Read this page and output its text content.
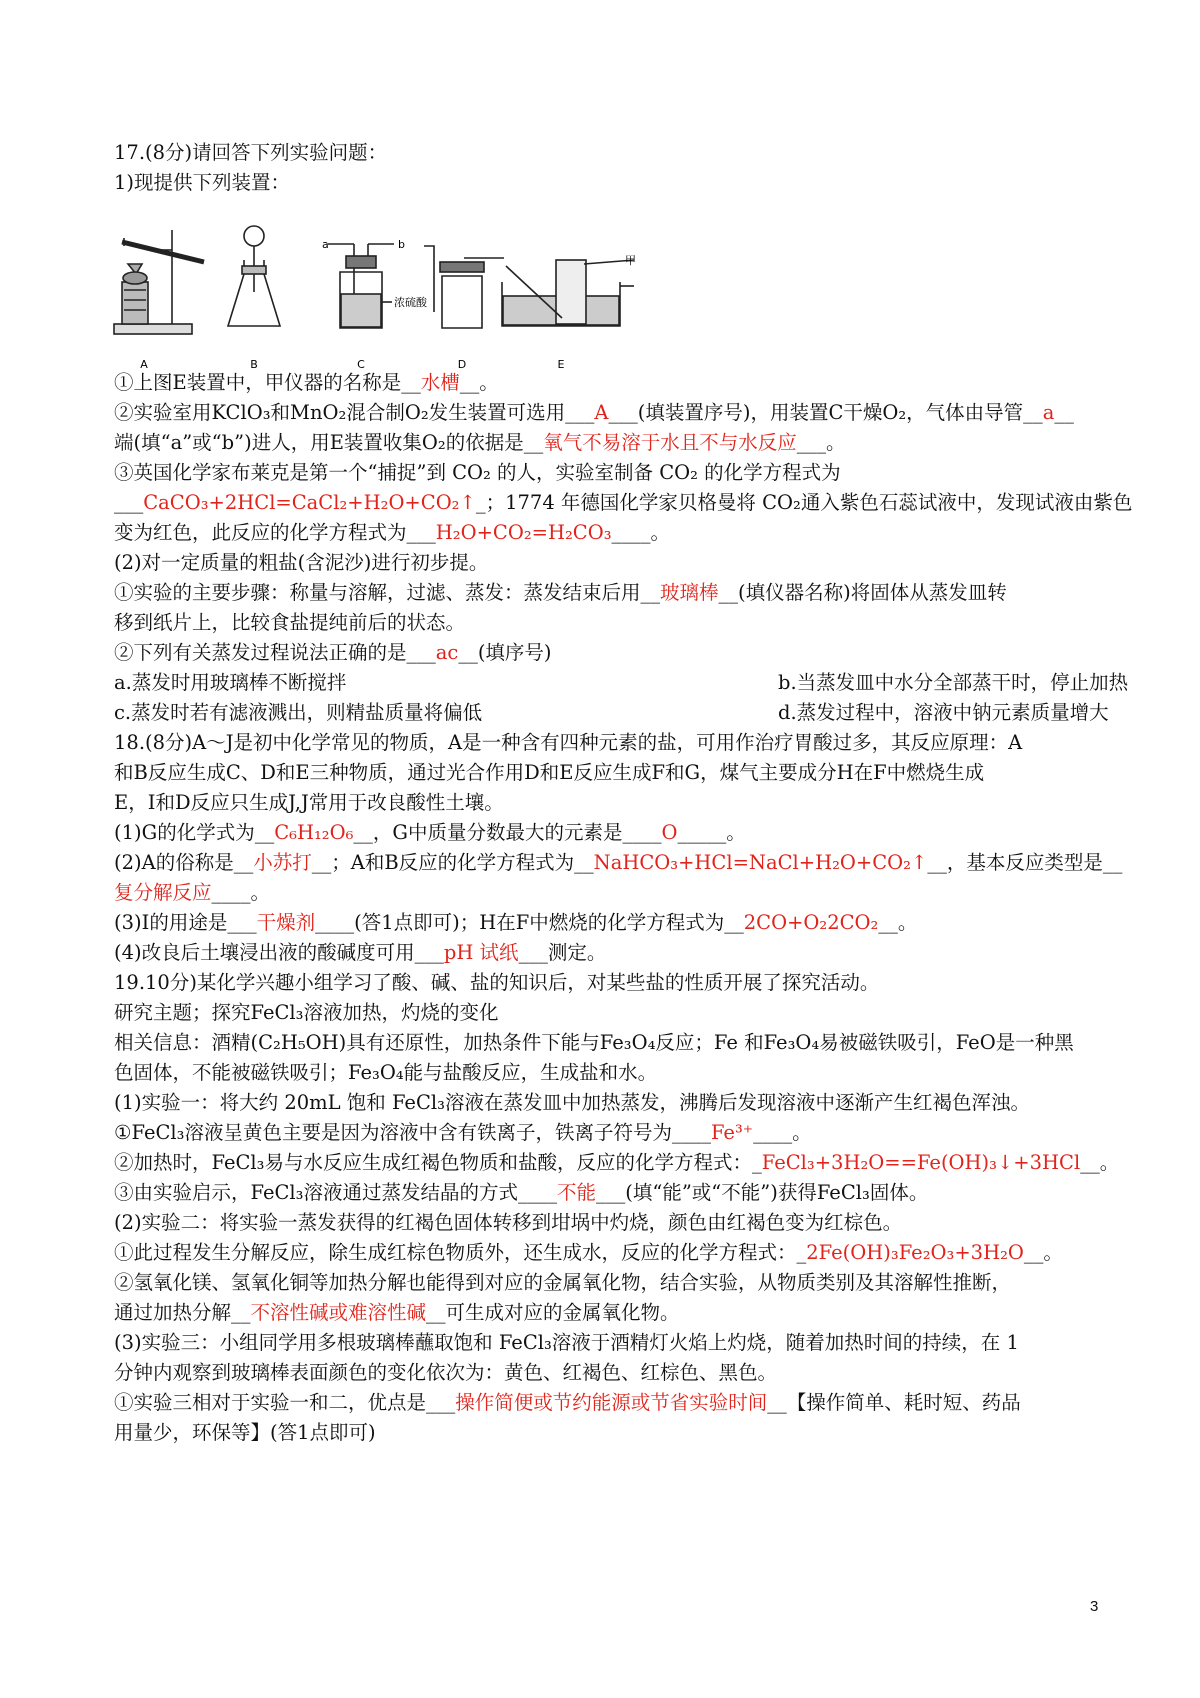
17.(8分)请回答下列实验问题：
1)现提供下列装置：
A	B	C	D	E
a	b
浓硫酸
甲
①上图E装置中，甲仪器的名称是__水槽__。
②实验室用KClO₃和MnO₂混合制O₂发生装置可选用___A___(填装置序号)，用装置C干燥O₂，气体由导管__a__
端(填“a”或“b”)进人，用E装置收集O₂的依据是__氧气不易溶于水且不与水反应___。
③英国化学家布莱克是第一个“捕捉”到 CO₂ 的人，实验室制备 CO₂ 的化学方程式为
___CaCO₃+2HCl=CaCl₂+H₂O+CO₂↑_；1774 年德国化学家贝格曼将 CO₂通入紫色石蕊试液中，发现试液由紫色
变为红色，此反应的化学方程式为___H₂O+CO₂=H₂CO₃____。
(2)对一定质量的粗盐(含泥沙)进行初步提。
①实验的主要步骤：称量与溶解，过滤、蒸发：蒸发结束后用__玻璃棒__(填仪器名称)将固体从蒸发皿转
移到纸片上，比较食盐提纯前后的状态。
②下列有关蒸发过程说法正确的是___ac__(填序号)
a.蒸发时用玻璃棒不断搅拌	b.当蒸发皿中水分全部蒸干时，停止加热
c.蒸发时若有滤液溅出，则精盐质量将偏低	d.蒸发过程中，溶液中钠元素质量增大
18.(8分)A～J是初中化学常见的物质，A是一种含有四种元素的盐，可用作治疗胃酸过多，其反应原理：A
和B反应生成C、D和E三种物质，通过光合作用D和E反应生成F和G，煤气主要成分H在F中燃烧生成
E，I和D反应只生成J,J常用于改良酸性土壤。
(1)G的化学式为__C₆H₁₂O₆__，G中质量分数最大的元素是____O_____。
(2)A的俗称是__小苏打__；A和B反应的化学方程式为__NaHCO₃+HCl=NaCl+H₂O+CO₂↑__，基本反应类型是__
复分解反应____。
(3)I的用途是___干燥剂____(答1点即可)；H在F中燃烧的化学方程式为__2CO+O₂2CO₂__。
(4)改良后土壤浸出液的酸碱度可用___pH 试纸___测定。
19.10分)某化学兴趣小组学习了酸、碱、盐的知识后，对某些盐的性质开展了探究活动。
研究主题；探究FeCl₃溶液加热，灼烧的变化
相关信息：酒精(C₂H₅OH)具有还原性，加热条件下能与Fe₃O₄反应；Fe 和Fe₃O₄易被磁铁吸引，FeO是一种黑
色固体，不能被磁铁吸引；Fe₃O₄能与盐酸反应，生成盐和水。
(1)实验一：将大约 20mL 饱和 FeCl₃溶液在蒸发皿中加热蒸发，沸腾后发现溶液中逐渐产生红褐色浑浊。
①FeCl₃溶液呈黄色主要是因为溶液中含有铁离子，铁离子符号为____Fe³⁺____。
②加热时，FeCl₃易与水反应生成红褐色物质和盐酸，反应的化学方程式：_FeCl₃+3H₂O==Fe(OH)₃↓+3HCl__。
③由实验启示，FeCl₃溶液通过蒸发结晶的方式____不能___(填“能”或“不能”)获得FeCl₃固体。
(2)实验二：将实验一蒸发获得的红褐色固体转移到坩埚中灼烧，颜色由红褐色变为红棕色。
①此过程发生分解反应，除生成红棕色物质外，还生成水，反应的化学方程式：_2Fe(OH)₃Fe₂O₃+3H₂O__。
②氢氧化镁、氢氧化铜等加热分解也能得到对应的金属氧化物，结合实验，从物质类别及其溶解性推断，
通过加热分解__不溶性碱或难溶性碱__可生成对应的金属氧化物。
(3)实验三：小组同学用多根玻璃棒蘸取饱和 FeCl₃溶液于酒精灯火焰上灼烧，随着加热时间的持续，在 1
分钟内观察到玻璃棒表面颜色的变化依次为：黄色、红褐色、红棕色、黑色。
①实验三相对于实验一和二，优点是___操作简便或节约能源或节省实验时间__【操作简单、耗时短、药品
用量少，环保等】(答1点即可)
3
